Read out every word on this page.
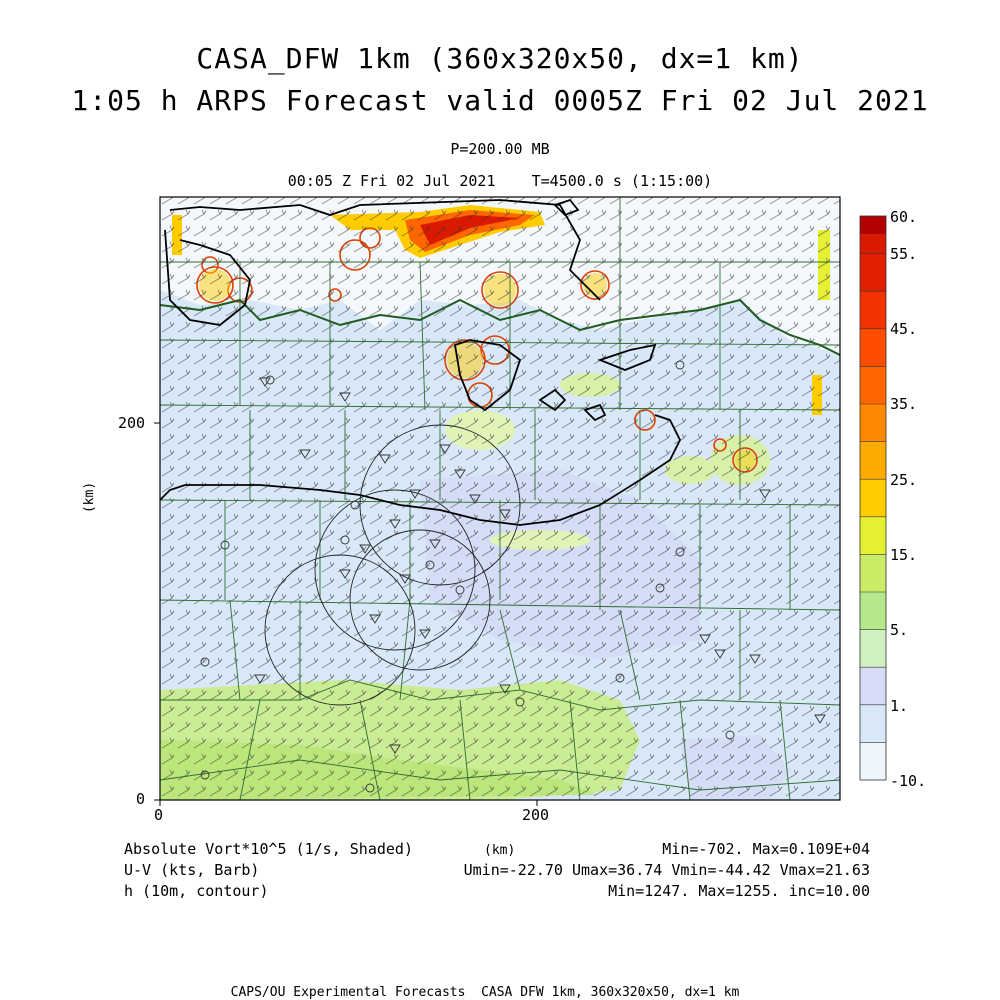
CASA_DFW 1km (360x320x50, dx=1 km)
1:05 h ARPS Forecast valid 0005Z Fri 02 Jul 2021
P=200.00 MB
00:05 Z Fri 02 Jul 2021    T=4500.0 s (1:15:00)
0
200
0	200
(km)
(km)
60.
55.
45.
35.
25.
15.
5.
1.
-10.
Absolute Vort*10^5 (1/s, Shaded)
U-V (kts, Barb)
h (10m, contour)
Min=-702. Max=0.109E+04
Umin=-22.70 Umax=36.74 Vmin=-44.42 Vmax=21.63
Min=1247. Max=1255. inc=10.00
CAPS/OU Experimental Forecasts  CASA DFW 1km, 360x320x50, dx=1 km
